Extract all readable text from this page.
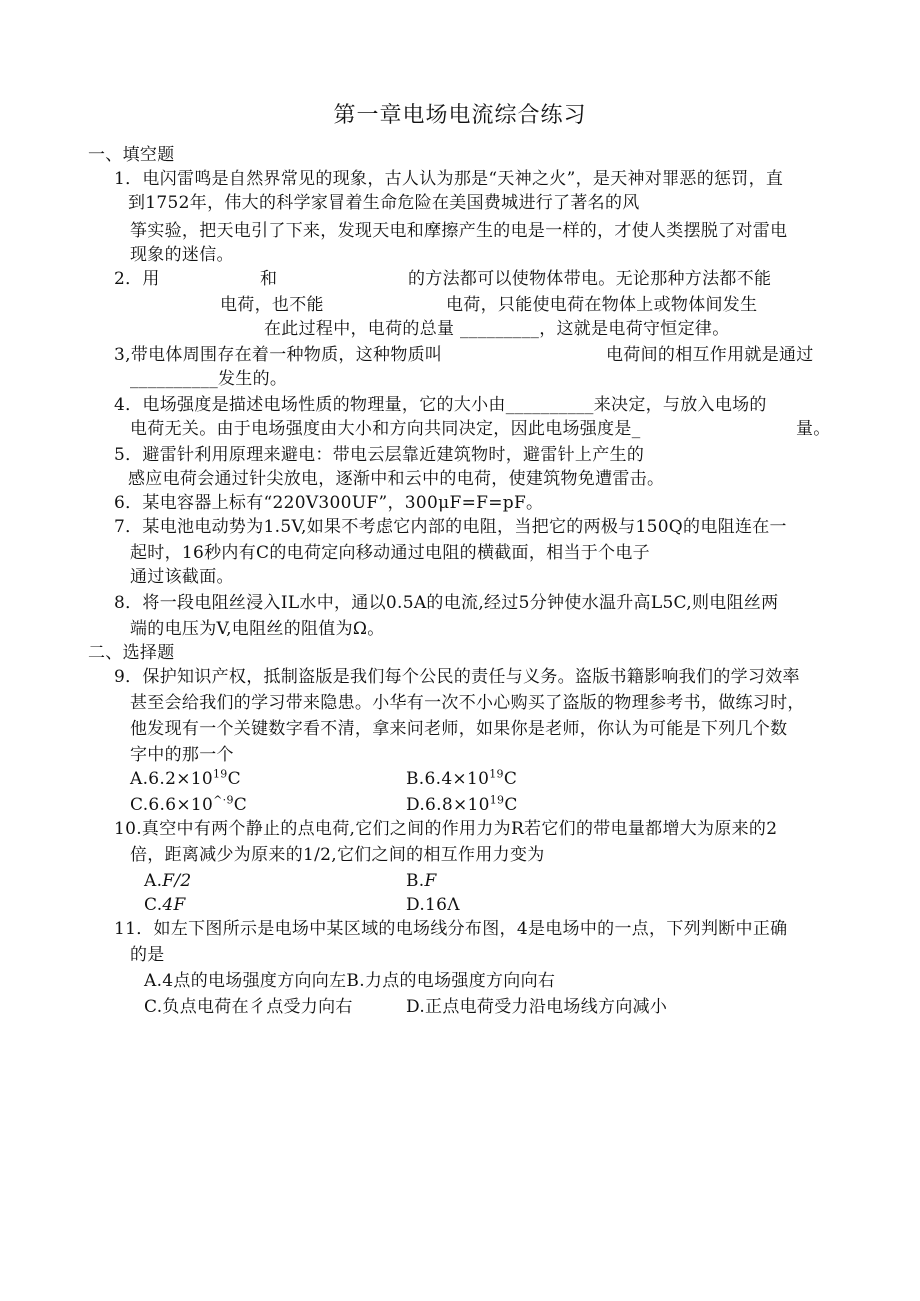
第一章电场电流综合练习
一、填空题
1．电闪雷鸣是自然界常见的现象，古人认为那是“天神之火”，是天神对罪恶的惩罚，直
到1752年，伟大的科学家冒着生命危险在美国费城进行了著名的风
筝实验，把天电引了下来，发现天电和摩擦产生的电是一样的，才使人类摆脱了对雷电
现象的迷信。
2．用	和	的方法都可以使物体带电。无论那种方法都不能
电荷，也不能	电荷，只能使电荷在物体上或物体间发生
在此过程中，电荷的总量 _________，这就是电荷守恒定律。
3,带电体周围存在着一种物质，这种物质叫	电荷间的相互作用就是通过
__________发生的。
4．电场强度是描述电场性质的物理量，它的大小由__________来决定，与放入电场的
电荷无关。由于电场强度由大小和方向共同决定，因此电场强度是_	量。
5．避雷针利用原理来避电：带电云层靠近建筑物时，避雷针上产生的
感应电荷会通过针尖放电，逐渐中和云中的电荷，使建筑物免遭雷击。
6．某电容器上标有“220V300UF”，300μF=F=pF。
7．某电池电动势为1.5V,如果不考虑它内部的电阻，当把它的两极与150Q的电阻连在一
起时，16秒内有C的电荷定向移动通过电阻的横截面，相当于个电子
通过该截面。
8．将一段电阻丝浸入IL水中，通以0.5A的电流,经过5分钟使水温升高L5C,则电阻丝两
端的电压为V,电阻丝的阻值为Ω。
二、选择题
9．保护知识产权，抵制盗版是我们每个公民的责任与义务。盗版书籍影响我们的学习效率
甚至会给我们的学习带来隐患。小华有一次不小心购买了盗版的物理参考书，做练习时，
他发现有一个关键数字看不清，拿来问老师，如果你是老师，你认为可能是下列几个数
字中的那一个
$A.6.2\times 10^{19}C$	$B.6.4\times 10^{19}C$
$C.6.6\times 10^{\^{}\cdot 9}C$	$D.6.8\times 10^{19}C$
10.真空中有两个静止的点电荷,它们之间的作用力为R若它们的带电量都增大为原来的2
倍，距离减少为原来的1/2,它们之间的相互作用力变为
A.F/2	B.F
C.4F	D.16Λ
11．如左下图所示是电场中某区域的电场线分布图，4是电场中的一点，下列判断中正确
的是
A.4点的电场强度方向向左B.力点的电场强度方向向右
C.负点电荷在彳点受力向右	D.正点电荷受力沿电场线方向减小
